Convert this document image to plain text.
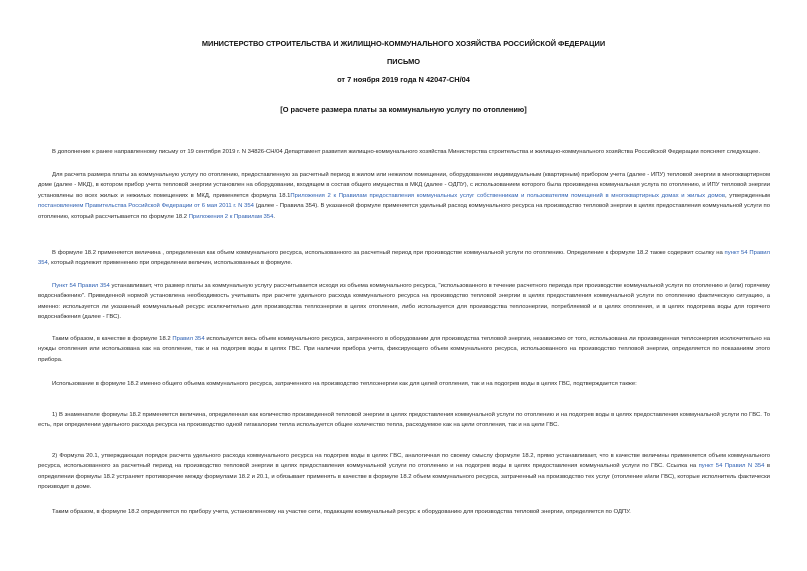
МИНИСТЕРСТВО СТРОИТЕЛЬСТВА И ЖИЛИЩНО-КОММУНАЛЬНОГО ХОЗЯЙСТВА РОССИЙСКОЙ ФЕДЕРАЦИИ
ПИСЬМО
от 7 ноября 2019 года N 42047-СН/04
[О расчете размера платы за коммунальную услугу по отоплению]
В дополнение к ранее направленному письму от 19 сентября 2019 г. N 34826-СН/04 Департамент развития жилищно-коммунального хозяйства Министерства строительства и жилищно-коммунального хозяйства Российской Федерации поясняет следующее.
Для расчета размера платы за коммунальную услугу по отоплению, предоставленную за расчетный период в жилом или нежилом помещении, оборудованном индивидуальным (квартирным) прибором учета (далее - ИПУ) тепловой энергии в многоквартирном доме (далее - МКД), в котором прибор учета тепловой энергии установлен на оборудовании, входящем в состав общего имущества в МКД (далее - ОДПУ), с использованием которого была произведена коммунальная услуга по отоплению, и ИПУ тепловой энергии установлены во всех жилых и нежилых помещениях в МКД, применяется формула 18.1Приложения 2 к Правилам предоставления коммунальных услуг собственникам и пользователям помещений в многоквартирных домах и жилых домов, утвержденным постановлением Правительства Российской Федерации от 6 мая 2011 г. N 354 (далее - Правила 354). В указанной формуле применяется удельный расход коммунального ресурса на производство тепловой энергии в целях предоставления коммунальной услуги по отоплению, который рассчитывается по формуле 18.2 Приложения 2 к Правилам 354.
В формуле 18.2 применяется величина , определенная как объем коммунального ресурса, использованного за расчетный период при производстве коммунальной услуги по отоплению. Определение к формуле 18.2 также содержит ссылку на пункт 54 Правил 354, который подлежит применению при определении величин, использованных в формуле.
Пункт 54 Правил 354 устанавливает, что размер платы за коммунальную услугу рассчитывается исходя из объема коммунального ресурса, "использованного в течение расчетного периода при производстве коммунальной услуги по отоплению и (или) горячему водоснабжению". Приведенной нормой установлена необходимость учитывать при расчете удельного расхода коммунального ресурса на производство тепловой энергии в целях предоставления коммунальной услуги по отоплению фактическую ситуацию, а именно: используется ли указанный коммунальный ресурс исключительно для производства теплоэнергии в целях отопления, либо используется для производства теплоэнергии, потребляемой и в целях отопления, и в целях подогрева воды для горячего водоснабжения (далее - ГВС).
Таким образом, в качестве в формуле 18.2 Правил 354 используется весь объем коммунального ресурса, затраченного в оборудовании для производства тепловой энергии, независимо от того, использована ли произведенная теплоэнергия исключительно на нужды отопления или использована как на отопление, так и на подогрев воды в целях ГВС. При наличии прибора учета, фиксирующего объем коммунального ресурса, использованного на производство тепловой энергии, определяется по показаниям этого прибора.
Использование в формуле 18.2 именно общего объема коммунального ресурса, затраченного на производство теплоэнергии как для целей отопления, так и на подогрев воды в целях ГВС, подтверждается также:
1) В знаменателе формулы 18.2 применяется величина, определенная как количество произведенной тепловой энергии в целях предоставления коммунальной услуги по отоплению и на подогрев воды в целях предоставления коммунальной услуги по ГВС. То есть, при определении удельного расхода ресурса на производство одной гигакалории тепла используется общее количество тепла, расходуемое как на цели отопления, так и на цели ГВС.
2) Формула 20.1, утверждающая порядок расчета удельного расхода коммунального ресурса на подогрев воды в целях ГВС, аналогичная по своему смыслу формуле 18.2, прямо устанавливает, что в качестве величины применяется объем коммунального ресурса, использованного за расчетный период на производство тепловой энергии в целях предоставления коммунальной услуги по отоплению и на подогрев воды в целях предоставления коммунальной услуги по ГВС. Ссылка на пункт 54 Правил N 354 в определении формулы 18.2 устраняет противоречие между формулами 18.2 и 20.1, и обязывает применять в качестве в формуле 18.2 объем коммунального ресурса, затраченный на производство тех услуг (отопление и/или ГВС), которые исполнитель фактически производит в доме.
Таким образом, в формуле 18.2 определяется по прибору учета, установленному на участке сети, подающем коммунальный ресурс к оборудованию для производства тепловой энергии, определяется по ОДПУ.
